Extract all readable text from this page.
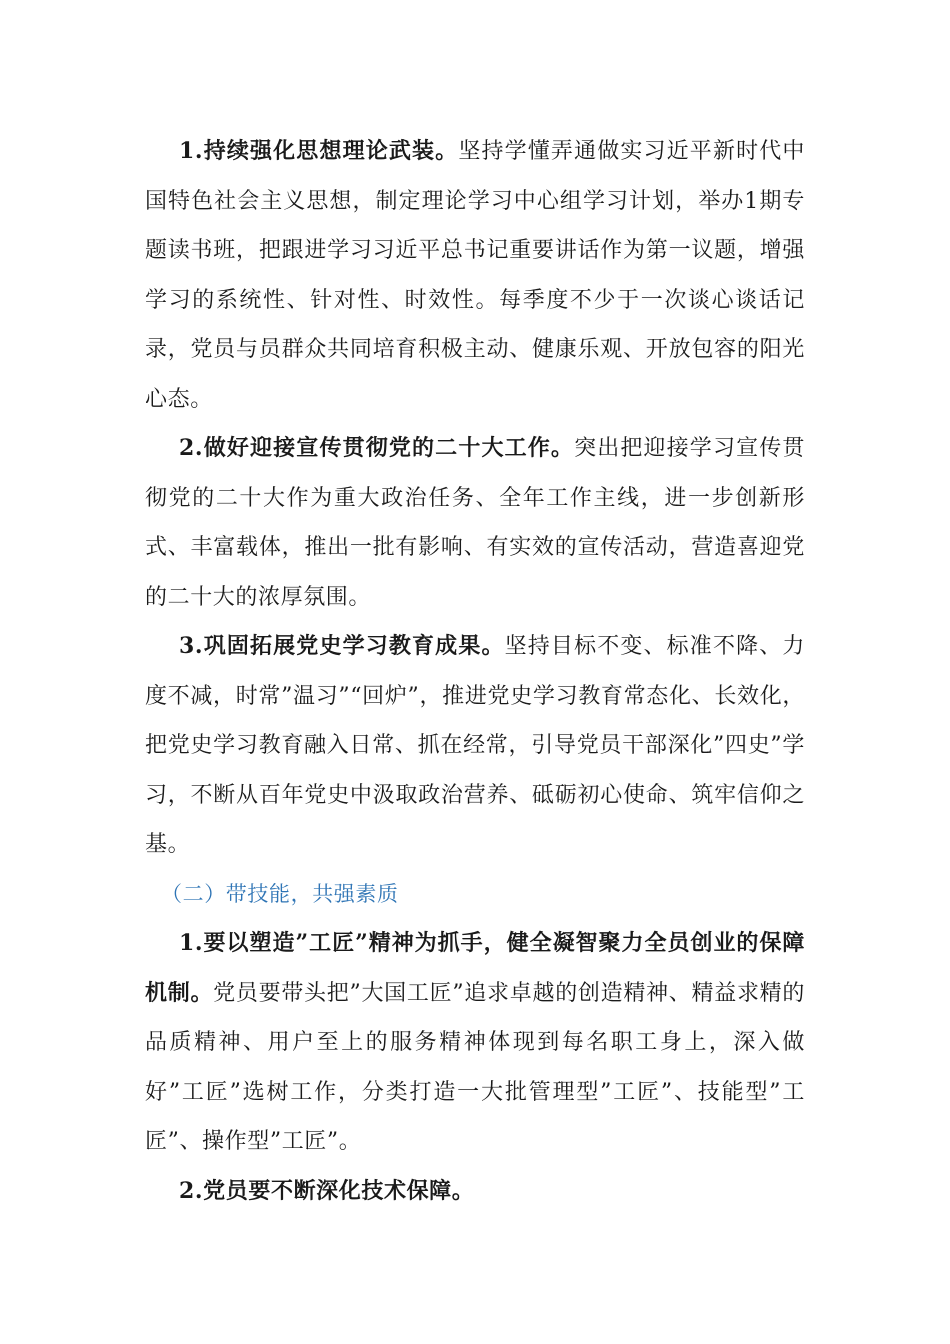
1.持续强化思想理论武装。坚持学懂弄通做实习近平新时代中国特色社会主义思想，制定理论学习中心组学习计划，举办1期专题读书班，把跟进学习习近平总书记重要讲话作为第一议题，增强学习的系统性、针对性、时效性。每季度不少于一次谈心谈话记录，党员与员群众共同培育积极主动、健康乐观、开放包容的阳光心态。

2.做好迎接宣传贯彻党的二十大工作。突出把迎接学习宣传贯彻党的二十大作为重大政治任务、全年工作主线，进一步创新形式、丰富载体，推出一批有影响、有实效的宣传活动，营造喜迎党的二十大的浓厚氛围。

3.巩固拓展党史学习教育成果。坚持目标不变、标准不降、力度不减，时常”温习”“回炉”，推进党史学习教育常态化、长效化，把党史学习教育融入日常、抓在经常，引导党员干部深化”四史”学习，不断从百年党史中汲取政治营养、砥砺初心使命、筑牢信仰之基。

（二）带技能，共强素质

1.要以塑造”工匠”精神为抓手，健全凝智聚力全员创业的保障机制。党员要带头把”大国工匠”追求卓越的创造精神、精益求精的品质精神、用户至上的服务精神体现到每名职工身上，深入做好”工匠”选树工作，分类打造一大批管理型”工匠”、技能型”工匠”、操作型”工匠”。

2.党员要不断深化技术保障。
